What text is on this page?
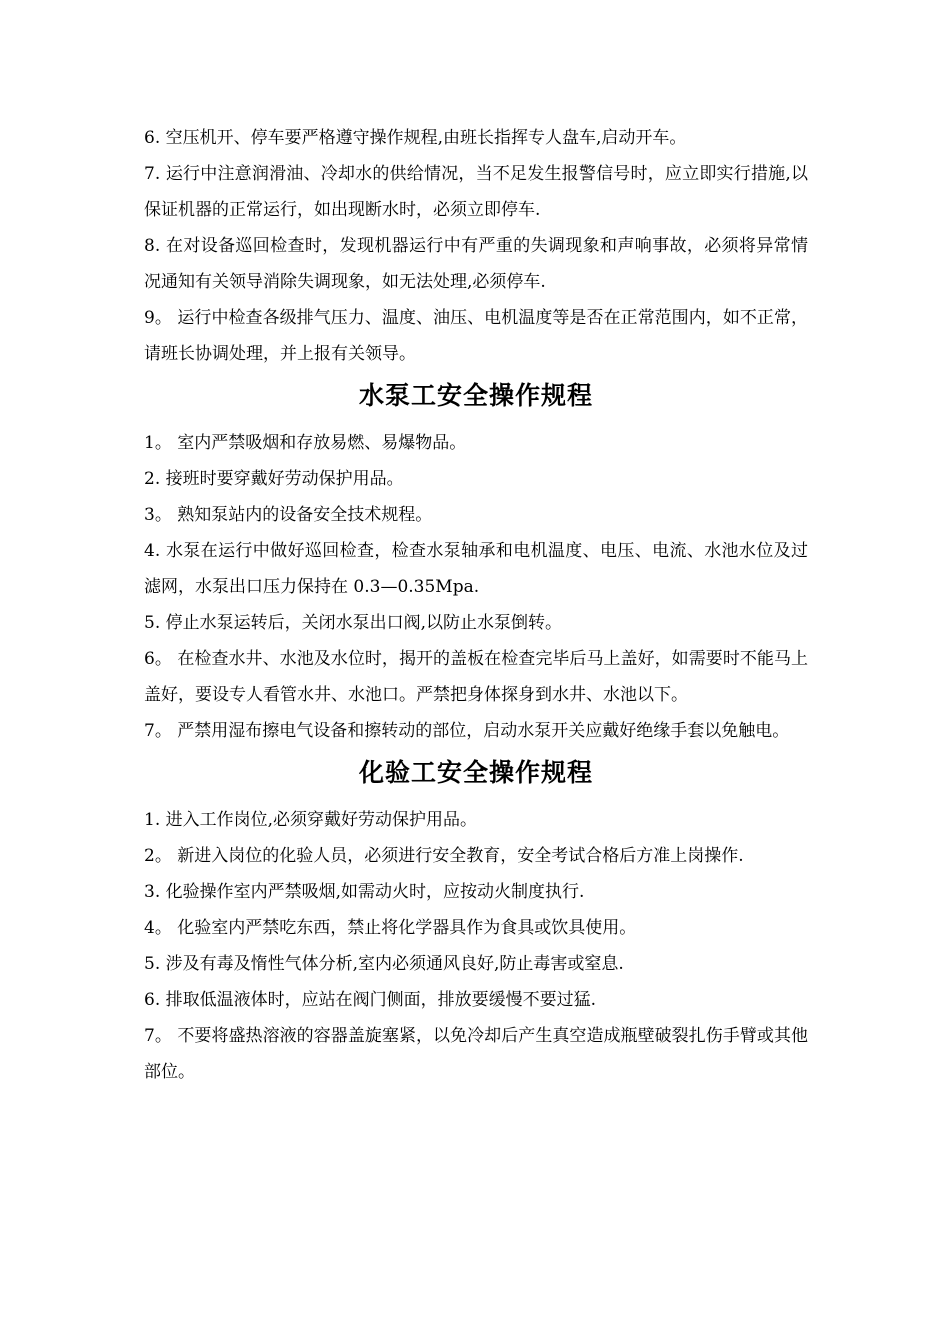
6. 空压机开、停车要严格遵守操作规程,由班长指挥专人盘车,启动开车。

7. 运行中注意润滑油、冷却水的供给情况，当不足发生报警信号时，应立即实行措施,以保证机器的正常运行，如出现断水时，必须立即停车.

8. 在对设备巡回检查时，发现机器运行中有严重的失调现象和声响事故，必须将异常情况通知有关领导消除失调现象，如无法处理,必须停车.

9。 运行中检查各级排气压力、温度、油压、电机温度等是否在正常范围内，如不正常，请班长协调处理，并上报有关领导。

水泵工安全操作规程

1。 室内严禁吸烟和存放易燃、易爆物品。

2. 接班时要穿戴好劳动保护用品。

3。 熟知泵站内的设备安全技术规程。

4. 水泵在运行中做好巡回检查，检查水泵轴承和电机温度、电压、电流、水池水位及过滤网，水泵出口压力保持在 0.3—0.35Mpa.

5. 停止水泵运转后，关闭水泵出口阀,以防止水泵倒转。

6。 在检查水井、水池及水位时，揭开的盖板在检查完毕后马上盖好，如需要时不能马上盖好，要设专人看管水井、水池口。严禁把身体探身到水井、水池以下。

7。 严禁用湿布擦电气设备和擦转动的部位，启动水泵开关应戴好绝缘手套以免触电。

化验工安全操作规程

1. 进入工作岗位,必须穿戴好劳动保护用品。

2。 新进入岗位的化验人员，必须进行安全教育，安全考试合格后方准上岗操作.

3. 化验操作室内严禁吸烟,如需动火时，应按动火制度执行.

4。 化验室内严禁吃东西，禁止将化学器具作为食具或饮具使用。

5. 涉及有毒及惰性气体分析,室内必须通风良好,防止毒害或窒息.

6. 排取低温液体时，应站在阀门侧面，排放要缓慢不要过猛.

7。 不要将盛热溶液的容器盖旋塞紧，以免冷却后产生真空造成瓶壁破裂扎伤手臂或其他部位。
